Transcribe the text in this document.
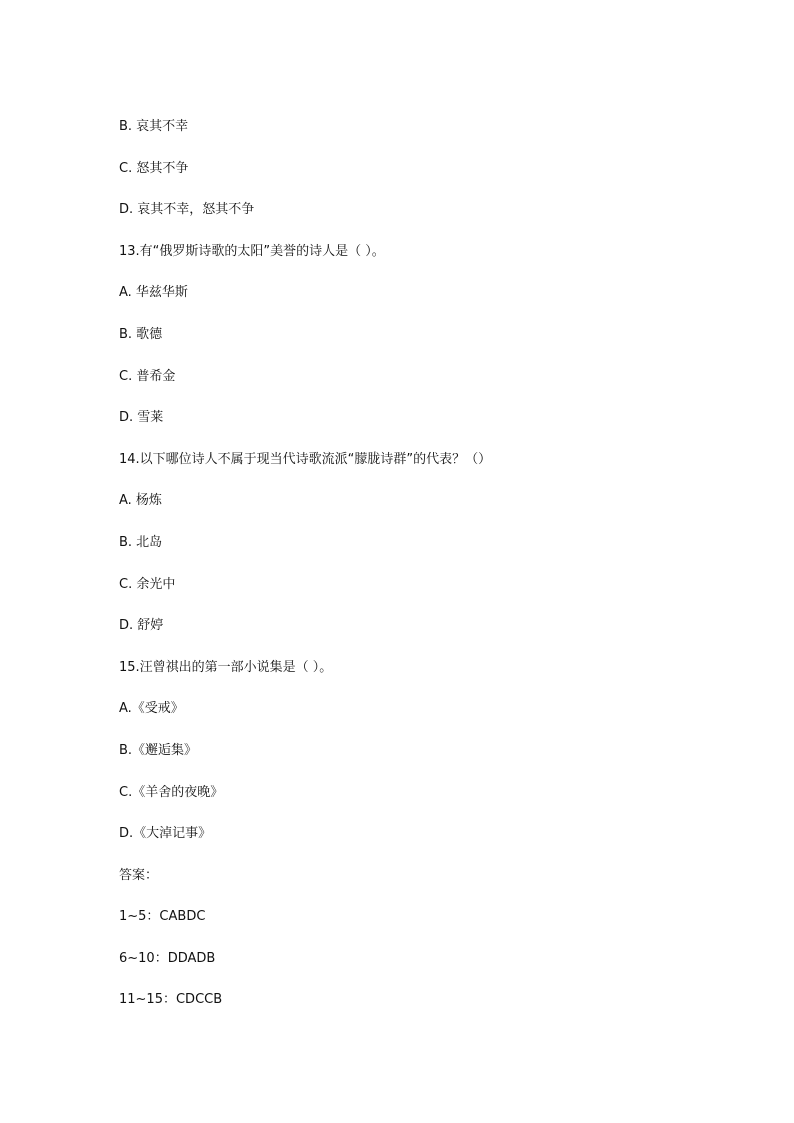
B. 哀其不幸
C. 怒其不争
D. 哀其不幸，怒其不争
13.有“俄罗斯诗歌的太阳”美誉的诗人是（ ）。
A. 华兹华斯
B. 歌德
C. 普希金
D. 雪莱
14.以下哪位诗人不属于现当代诗歌流派“朦胧诗群”的代表？（）
A. 杨炼
B. 北岛
C. 余光中
D. 舒婷
15.汪曾祺出的第一部小说集是（ ）。
A.《受戒》
B.《邂逅集》
C.《羊舍的夜晚》
D.《大淖记事》
答案：
1~5：CABDC
6~10：DDADB
11~15：CDCCB
